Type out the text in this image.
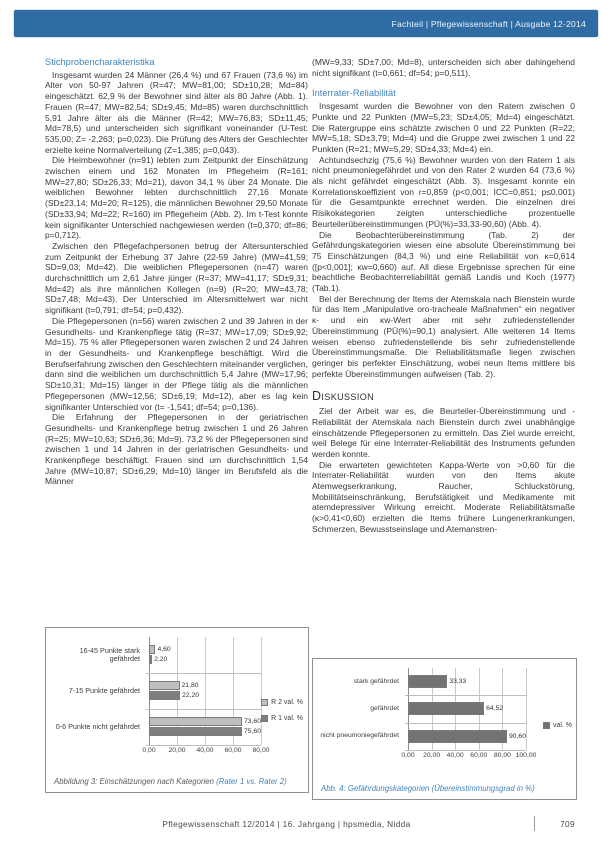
Fachteil | Pflegewissenschaft | Ausgabe 12-2014
Stichprobencharakteristika

Insgesamt wurden 24 Männer (26,4 %) und 67 Frauen (73,6 %) im Alter von 50-97 Jahren (R=47; MW=81,00; SD±10,28; Md=84) eingeschätzt. 62,9 % der Bewohner sind älter als 80 Jahre (Abb. 1). Frauen (R=47; MW=82,54; SD±9,45; Md=85) waren durchschnittlich 5,91 Jahre älter als die Männer (R=42; MW=76,83; SD±11,45; Md=78,5) und unterscheiden sich signifikant voneinander (U-Test: 535,00; Z= -2,263; p=0,023). Die Prüfung des Alters der Geschlechter erzielte keine Normalverteilung (Z=1,385; p=0,043).

Die Heimbewohner (n=91) lebten zum Zeitpunkt der Einschätzung zwischen einem und 162 Monaten im Pflegeheim (R=161; MW=27,80; SD±26,33; Md=21), davon 34,1 % über 24 Monate. Die weiblichen Bewohner lebten durchschnittlich 27,16 Monate (SD±23,14; Md=20; R=125), die männlichen Bewohner 29,50 Monate (SD±33,94; Md=22; R=160) im Pflegeheim (Abb. 2). Im t-Test konnte kein signifikanter Unterschied nachgewiesen werden (t=0,370; df=86; p=0,712).

Zwischen den Pflegefachpersonen betrug der Altersunterschied zum Zeitpunkt der Erhebung 37 Jahre (22-59 Jahre) (MW=41,59; SD=9,03; Md=42). Die weiblichen Pflegepersonen (n=47) waren durchschnittlich um 2,61 Jahre jünger (R=37; MW=41,17; SD±9,31; Md=42) als ihre männlichen Kollegen (n=9) (R=20; MW=43,78; SD±7,48; Md=43). Der Unterschied im Altersmittelwert war nicht signifikant (t=0,791; df=54; p=0,432).

Die Pflegepersonen (n=56) waren zwischen 2 und 39 Jahren in der Gesundheits- und Krankenpflege tätig (R=37; MW=17,09; SD±9,92; Md=15). 75 % aller Pflegepersonen waren zwischen 2 und 24 Jahren in der Gesundheits- und Krankenpflege beschäftigt. Wird die Berufserfahrung zwischen den Geschlechtern miteinander verglichen, dann sind die weiblichen um durchschnittlich 5,4 Jahre (MW=17,96; SD±10,31; Md=15) länger in der Pflege tätig als die männlichen Pflegepersonen (MW=12,56; SD±6,19; Md=12), aber es lag kein signifikanter Unterschied vor (t= -1,541; df=54; p=0,136).

Die Erfahrung der Pflegepersonen in der geriatrischen Gesundheits- und Krankenpflege betrug zwischen 1 und 26 Jahren (R=25; MW=10,63; SD±6,36; Md=9). 73,2 % der Pflegepersonen sind zwischen 1 und 14 Jahren in der geriatrischen Gesundheits- und Krankenpflege beschäftigt. Frauen sind um durchschnittlich 1,54 Jahre (MW=10,87; SD±6,29; Md=10) länger im Berufsfeld als die Männer

(MW=9,33; SD±7,00; Md=8), unterscheiden sich aber dahingehend nicht signifikant (t=0,661; df=54; p=0,511).

Interrater-Reliabilität

Insgesamt wurden die Bewohner von den Ratern zwischen 0 Punkte und 22 Punkten (MW=5,23; SD±4,05; Md=4) eingeschätzt. Die Ratergruppe eins schätzte zwischen 0 und 22 Punkten (R=22; MW=5,18; SD±3,79; Md=4) und die Gruppe zwei zwischen 1 und 22 Punkten (R=21; MW=5,29; SD±4,33; Md=4) ein.

Achtundsechzig (75,6 %) Bewohner wurden von den Ratern 1 als nicht pneumoniegefährdet und von den Rater 2 wurden 64 (73,6 %) als nicht gefährdet eingeschätzt (Abb. 3). Insgesamt konnte ein Korrelationskoeffizient von r=0,859 (p<0,001; ICC=0,851; p≤0,001) für die Gesamtpunkte errechnet werden. Die einzelnen drei Risikokategorien zeigten unterschiedliche prozentuelle Beurteilerübereinstimmungen (PÜ(%)=33,33-90,60) (Abb. 4).

Die Beobachterübereinstimmung (Tab. 2) der Gefährdungskategorien wiesen eine absolute Übereinstimmung bei 75 Einschätzungen (84,3 %) und eine Reliabilität von κ=0,614 ([p<0,001]; κw=0,660) auf. All diese Ergebnisse sprechen für eine beachtliche Beobachterreliabilität gemäß Landis und Koch (1977) (Tab.1).

Bei der Berechnung der Items der Atemskala nach Bienstein wurde für das Item „Manipulative oro-tracheale Maßnahmen“ ein negativer κ- und ein κw-Wert aber mit sehr zufriedenstellender Übereinstimmung (PÜ(%)=90,1) analysiert. Alle weiteren 14 Items weisen ebenso zufriedenstellende bis sehr zufriedenstellende Übereinstimmungsmaße. Die Reliabilitätsmaße liegen zwischen geringer bis perfekter Einschätzung, wobei neun Items mittlere bis perfekte Übereinstimmungen aufweisen (Tab. 2).

Diskussion

Ziel der Arbeit war es, die Beurteiler-Übereinstimmung und -Reliabilität der Atemskala nach Bienstein durch zwei unabhängige einschätzende Pflegepersonen zu ermitteln. Das Ziel wurde erreicht, weil Belege für eine Interrater-Reliabilität des Instruments gefunden werden konnte.

Die erwarteten gewichteten Kappa-Werte von >0,60 für die Interrater-Reliabilität wurden von den Items akute Atemwegserkrankung, Raucher, Schluckstörung, Mobilitätseinschränkung, Berufstätigkeit und Medikamente mit atemdepressiver Wirkung erreicht. Moderate Reliabilitätsmaße (κ>0,41<0,60) erzielten die Items frühere Lungenerkrankungen, Schmerzen, Bewusstseinslage und Atemanstren-

16-45 Punkte stark gefährdet
7-15 Punkte gefährdet
0-6 Punkte nicht gefährdet
4,60
2,20
21,80
22,20
73,60
75,60
0,00 20,00 40,00 60,00 80,00
R 2 val. %
R 1 val. %
Abbildung 3: Einschätzungen nach Kategorien (Rater 1 vs. Rater 2)
stark gefährdet
gefährdet
nicht pneumoniegefährdet
33,33
64,52
90,60
0,00 20,00 40,00 60,00 80,00 100,00
val. %
Abb. 4: Gefährdungskategorien (Übereinstimmungsgrad in %)
Pflegewissenschaft 12/2014 | 16. Jahrgang | hpsmedia, Nidda	709
